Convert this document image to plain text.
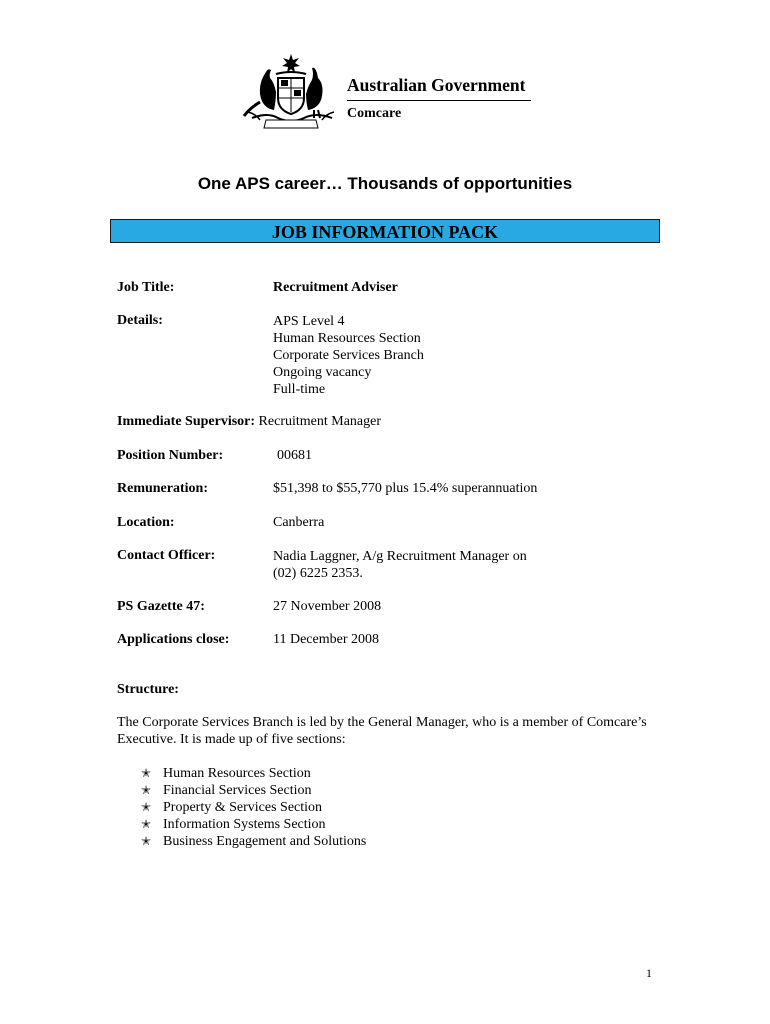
Australian Government
Comcare
One APS career… Thousands of opportunities
JOB INFORMATION PACK
Job Title:	Recruitment Adviser
Details:	APS Level 4
Human Resources Section
Corporate Services Branch
Ongoing vacancy
Full-time
Immediate Supervisor: Recruitment Manager
Position Number:	00681
Remuneration:	$51,398 to $55,770 plus 15.4% superannuation
Location:	Canberra
Contact Officer:	Nadia Laggner, A/g Recruitment Manager on
(02) 6225 2353.
PS Gazette 47:	27 November 2008
Applications close:	11 December 2008
Structure:
The Corporate Services Branch is led by the General Manager, who is a member of Comcare’s Executive. It is made up of five sections:
✭ Human Resources Section
✭ Financial Services Section
✭ Property & Services Section
✭ Information Systems Section
✭ Business Engagement and Solutions
1
